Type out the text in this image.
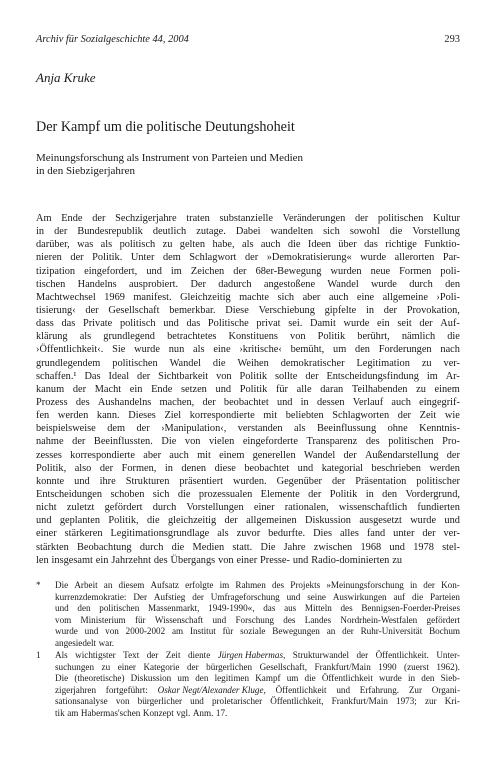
Archiv für Sozialgeschichte 44, 2004	293
Anja Kruke
Der Kampf um die politische Deutungshoheit
Meinungsforschung als Instrument von Parteien und Medien
in den Siebzigerjahren
Am Ende der Sechzigerjahre traten substanzielle Veränderungen der politischen Kultur
in der Bundesrepublik deutlich zutage. Dabei wandelten sich sowohl die Vorstellung
darüber, was als politisch zu gelten habe, als auch die Ideen über das richtige Funktio-
nieren der Politik. Unter dem Schlagwort der »Demokratisierung« wurde allerorten Par-
tizipation eingefordert, und im Zeichen der 68er-Bewegung wurden neue Formen poli-
tischen Handelns ausprobiert. Der dadurch angestoßene Wandel wurde durch den
Machtwechsel 1969 manifest. Gleichzeitig machte sich aber auch eine allgemeine ›Poli-
tisierung‹ der Gesellschaft bemerkbar. Diese Verschiebung gipfelte in der Provokation,
dass das Private politisch und das Politische privat sei. Damit wurde ein seit der Auf-
klärung als grundlegend betrachtetes Konstituens von Politik berührt, nämlich die
›Öffentlichkeit‹. Sie wurde nun als eine ›kritische‹ bemüht, um den Forderungen nach
grundlegendem politischen Wandel die Weihen demokratischer Legitimation zu ver-
schaffen.¹ Das Ideal der Sichtbarkeit von Politik sollte der Entscheidungsfindung im Ar-
kanum der Macht ein Ende setzen und Politik für alle daran Teilhabenden zu einem
Prozess des Aushandelns machen, der beobachtet und in dessen Verlauf auch eingegrif-
fen werden kann. Dieses Ziel korrespondierte mit beliebten Schlagworten der Zeit wie
beispielsweise dem der ›Manipulation‹, verstanden als Beeinflussung ohne Kenntnis-
nahme der Beeinflussten. Die von vielen eingeforderte Transparenz des politischen Pro-
zesses korrespondierte aber auch mit einem generellen Wandel der Außendarstellung der
Politik, also der Formen, in denen diese beobachtet und kategorial beschrieben werden
konnte und ihre Strukturen präsentiert wurden. Gegenüber der Präsentation politischer
Entscheidungen schoben sich die prozessualen Elemente der Politik in den Vordergrund,
nicht zuletzt gefördert durch Vorstellungen einer rationalen, wissenschaftlich fundierten
und geplanten Politik, die gleichzeitig der allgemeinen Diskussion ausgesetzt wurde und
einer stärkeren Legitimationsgrundlage als zuvor bedurfte. Dies alles fand unter der ver-
stärkten Beobachtung durch die Medien statt. Die Jahre zwischen 1968 und 1978 stel-
len insgesamt ein Jahrzehnt des Übergangs von einer Presse- und Radio-dominierten zu
* Die Arbeit an diesem Aufsatz erfolgte im Rahmen des Projekts »Meinungsforschung in der Kon-
kurrenzdemokratie: Der Aufstieg der Umfrageforschung und seine Auswirkungen auf die Parteien
und den politischen Massenmarkt, 1949-1990«, das aus Mitteln des Bennigsen-Foerder-Preises
vom Ministerium für Wissenschaft und Forschung des Landes Nordrhein-Westfalen gefördert
wurde und von 2000-2002 am Institut für soziale Bewegungen an der Ruhr-Universität Bochum
angesiedelt war.
1 Als wichtigster Text der Zeit diente Jürgen Habermas, Strukturwandel der Öffentlichkeit. Unter-
suchungen zu einer Kategorie der bürgerlichen Gesellschaft, Frankfurt/Main 1990 (zuerst 1962).
Die (theoretische) Diskussion um den legitimen Kampf um die Öffentlichkeit wurde in den Sieb-
zigerjahren fortgeführt: Oskar Negt/Alexander Kluge, Öffentlichkeit und Erfahrung. Zur Organi-
sationsanalyse von bürgerlicher und proletarischer Öffentlichkeit, Frankfurt/Main 1973; zur Kri-
tik am Habermas'schen Konzept vgl. Anm. 17.
